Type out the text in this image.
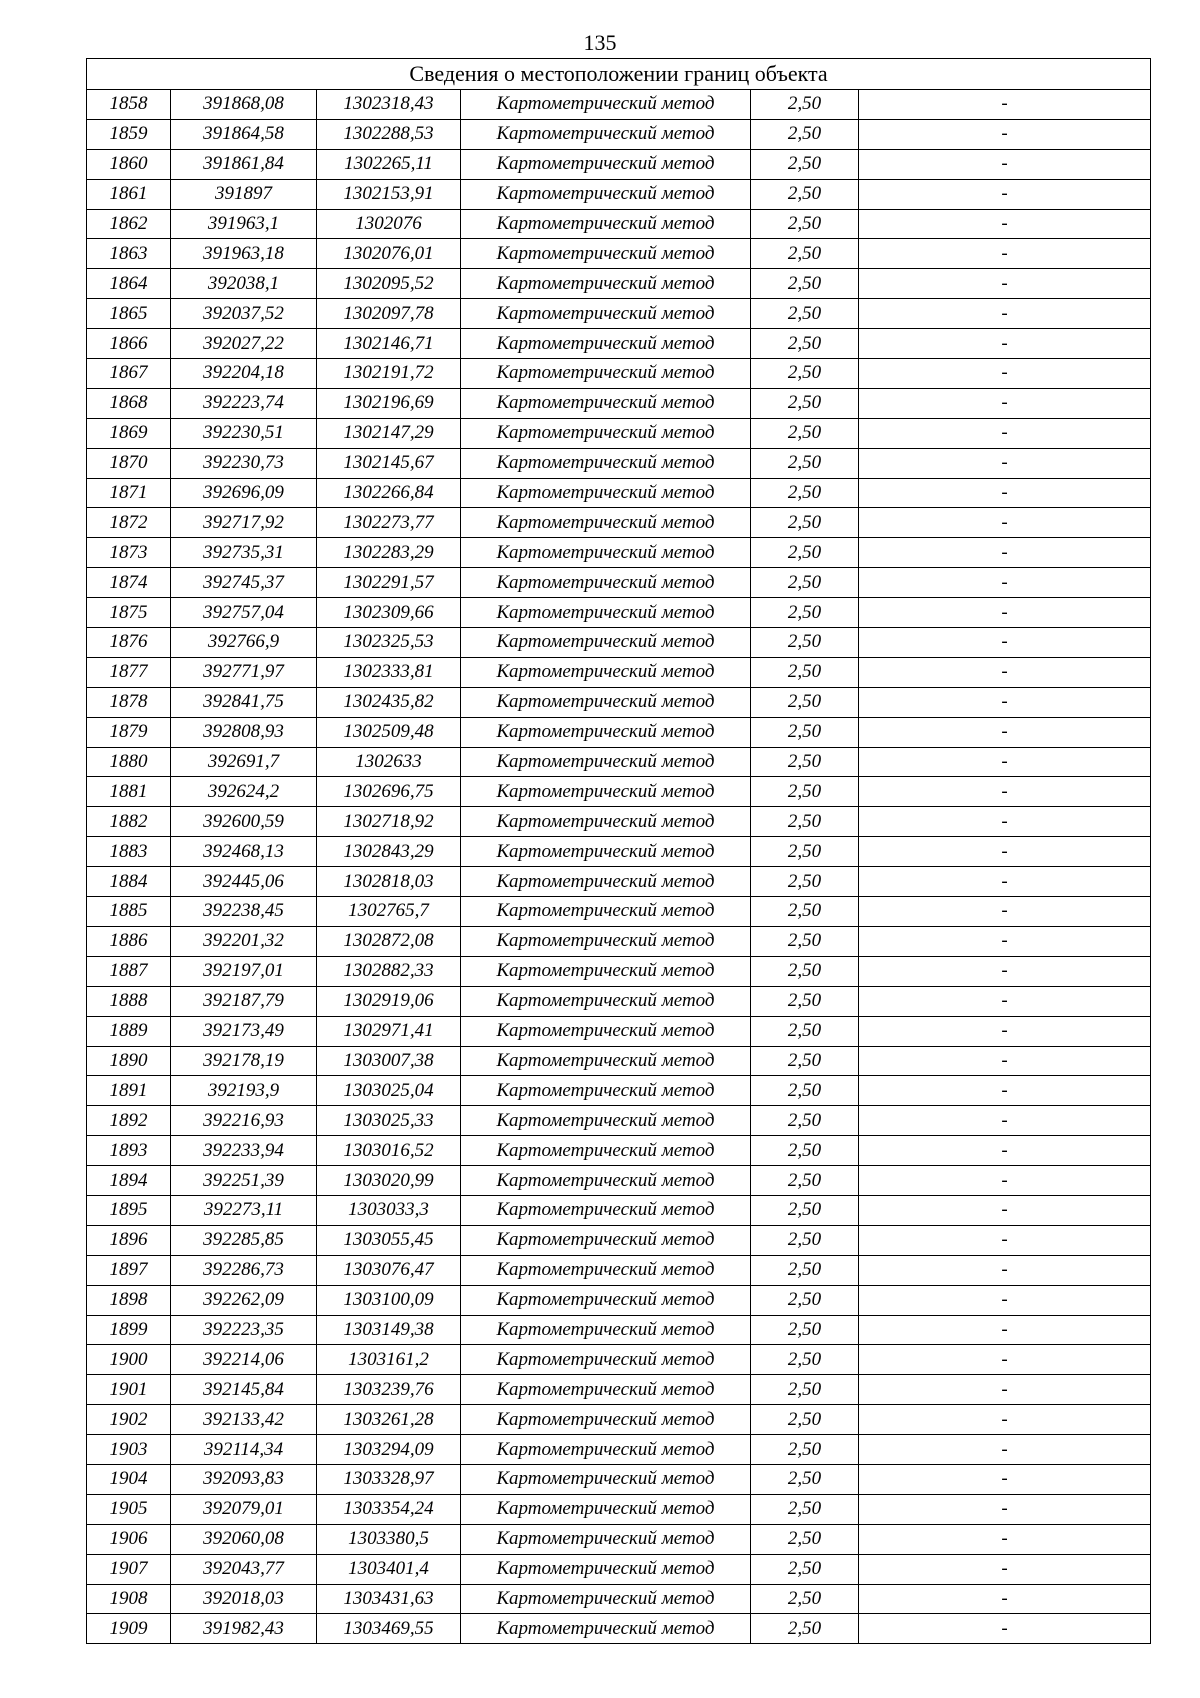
135
Сведения о местоположении границ объекта					
1858	391868,08	1302318,43	Картометрический метод	2,50	-
1859	391864,58	1302288,53	Картометрический метод	2,50	-
1860	391861,84	1302265,11	Картометрический метод	2,50	-
1861	391897	1302153,91	Картометрический метод	2,50	-
1862	391963,1	1302076	Картометрический метод	2,50	-
1863	391963,18	1302076,01	Картометрический метод	2,50	-
1864	392038,1	1302095,52	Картометрический метод	2,50	-
1865	392037,52	1302097,78	Картометрический метод	2,50	-
1866	392027,22	1302146,71	Картометрический метод	2,50	-
1867	392204,18	1302191,72	Картометрический метод	2,50	-
1868	392223,74	1302196,69	Картометрический метод	2,50	-
1869	392230,51	1302147,29	Картометрический метод	2,50	-
1870	392230,73	1302145,67	Картометрический метод	2,50	-
1871	392696,09	1302266,84	Картометрический метод	2,50	-
1872	392717,92	1302273,77	Картометрический метод	2,50	-
1873	392735,31	1302283,29	Картометрический метод	2,50	-
1874	392745,37	1302291,57	Картометрический метод	2,50	-
1875	392757,04	1302309,66	Картометрический метод	2,50	-
1876	392766,9	1302325,53	Картометрический метод	2,50	-
1877	392771,97	1302333,81	Картометрический метод	2,50	-
1878	392841,75	1302435,82	Картометрический метод	2,50	-
1879	392808,93	1302509,48	Картометрический метод	2,50	-
1880	392691,7	1302633	Картометрический метод	2,50	-
1881	392624,2	1302696,75	Картометрический метод	2,50	-
1882	392600,59	1302718,92	Картометрический метод	2,50	-
1883	392468,13	1302843,29	Картометрический метод	2,50	-
1884	392445,06	1302818,03	Картометрический метод	2,50	-
1885	392238,45	1302765,7	Картометрический метод	2,50	-
1886	392201,32	1302872,08	Картометрический метод	2,50	-
1887	392197,01	1302882,33	Картометрический метод	2,50	-
1888	392187,79	1302919,06	Картометрический метод	2,50	-
1889	392173,49	1302971,41	Картометрический метод	2,50	-
1890	392178,19	1303007,38	Картометрический метод	2,50	-
1891	392193,9	1303025,04	Картометрический метод	2,50	-
1892	392216,93	1303025,33	Картометрический метод	2,50	-
1893	392233,94	1303016,52	Картометрический метод	2,50	-
1894	392251,39	1303020,99	Картометрический метод	2,50	-
1895	392273,11	1303033,3	Картометрический метод	2,50	-
1896	392285,85	1303055,45	Картометрический метод	2,50	-
1897	392286,73	1303076,47	Картометрический метод	2,50	-
1898	392262,09	1303100,09	Картометрический метод	2,50	-
1899	392223,35	1303149,38	Картометрический метод	2,50	-
1900	392214,06	1303161,2	Картометрический метод	2,50	-
1901	392145,84	1303239,76	Картометрический метод	2,50	-
1902	392133,42	1303261,28	Картометрический метод	2,50	-
1903	392114,34	1303294,09	Картометрический метод	2,50	-
1904	392093,83	1303328,97	Картометрический метод	2,50	-
1905	392079,01	1303354,24	Картометрический метод	2,50	-
1906	392060,08	1303380,5	Картометрический метод	2,50	-
1907	392043,77	1303401,4	Картометрический метод	2,50	-
1908	392018,03	1303431,63	Картометрический метод	2,50	-
1909	391982,43	1303469,55	Картометрический метод	2,50	-
